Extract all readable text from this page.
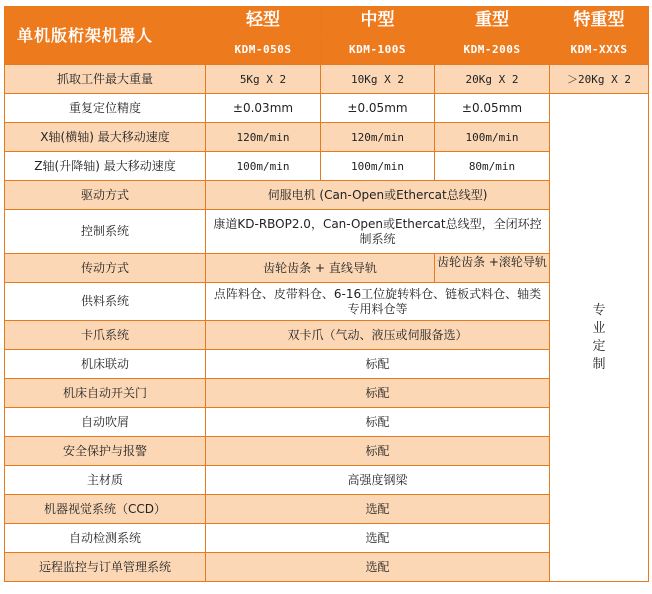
单机版桁架机器人	轻型	中型	重型	特重型
	KDM-050S	KDM-100S	KDM-200S	KDM-XXXS
抓取工件最大重量	5Kg X 2	10Kg X 2	20Kg X 2	＞20Kg X 2
重复定位精度	±0.03mm	±0.05mm	±0.05mm	专业定制
X轴(横轴) 最大移动速度	120m/min	120m/min	100m/min	
Z轴(升降轴) 最大移动速度	100m/min	100m/min	80m/min	
驱动方式	伺服电机 (Can-Open或Ethercat总线型)			
控制系统	康道KD-RBOP2.0，Can-Open或Ethercat总线型，全闭环控制系统			
传动方式	齿轮齿条 + 直线导轨		齿轮齿条 +滚轮导轨	

供料系统	点阵料仓、皮带料仓、6-16工位旋转料仓、链板式料仓、轴类专用料仓等			
卡爪系统	双卡爪（气动、液压或伺服备选）			
机床联动	标配			
机床自动开关门	标配			
自动吹屑	标配			
安全保护与报警	标配			
主材质	高强度钢梁			
机器视觉系统（CCD）	选配			
自动检测系统	选配			
远程监控与订单管理系统	选配			
